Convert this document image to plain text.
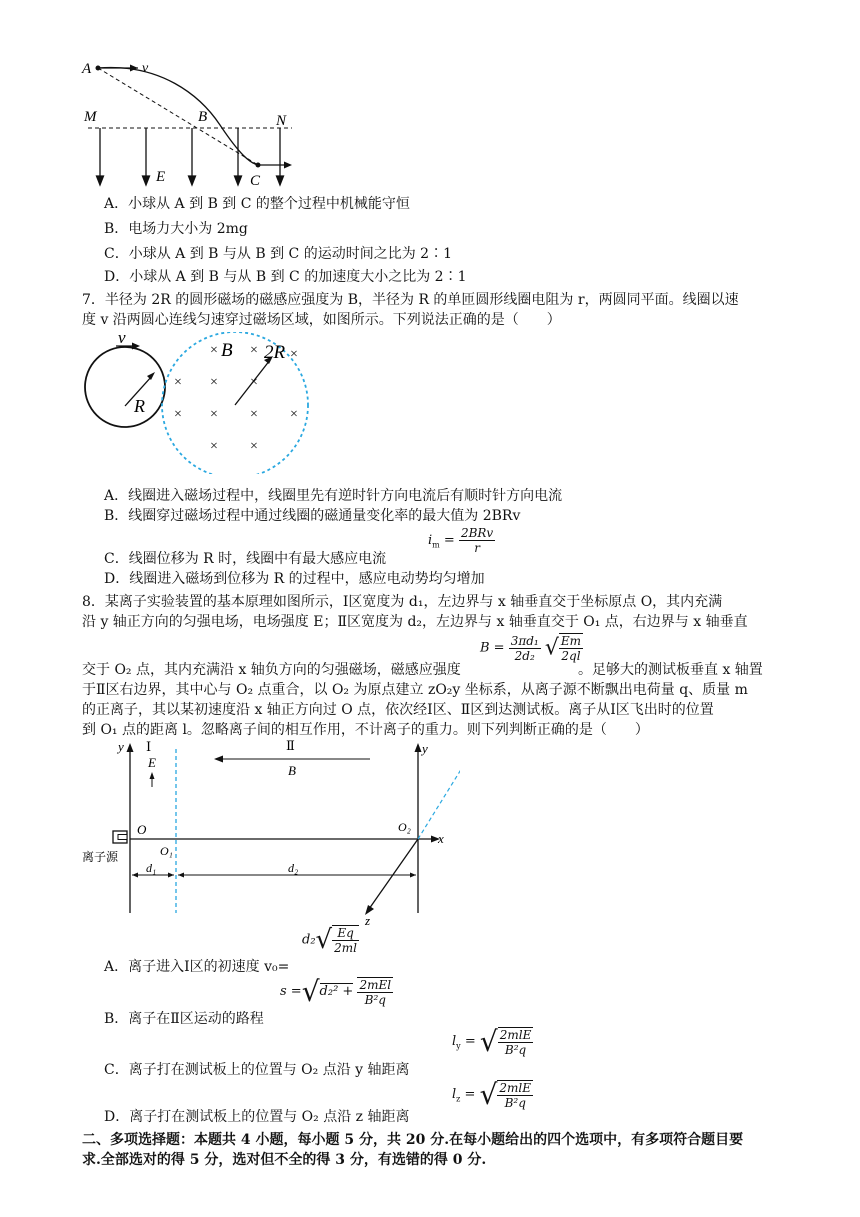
A	v
M	B	N
E	C
A．小球从 A 到 B 到 C 的整个过程中机械能守恒
B．电场力大小为 2mg
C．小球从 A 到 B 与从 B 到 C 的运动时间之比为 2∶1
D．小球从 A 到 B 与从 B 到 C 的加速度大小之比为 2∶1
7．半径为 2R 的圆形磁场的磁感应强度为 B，半径为 R 的单匝圆形线圈电阻为 r，两圆同平面。线圈以速
度 v 沿两圆心连线匀速穿过磁场区域，如图所示。下列说法正确的是（　　）
v
R
B 2R
× ×
× × ×
×
× × × ×
× ×
A．线圈进入磁场过程中，线圈里先有逆时针方向电流后有顺时针方向电流
B．线圈穿过磁场过程中通过线圈的磁通量变化率的最大值为 2BRv
C．线圈位移为 R 时，线圈中有最大感应电流
$i_m = \frac{\text{2BRv}}{r}$
D．线圈进入磁场到位移为 R 的过程中，感应电动势均匀增加
8．某离子实验装置的基本原理如图所示，Ⅰ区宽度为 d₁，左边界与 x 轴垂直交于坐标原点 O，其内充满
沿 y 轴正方向的匀强电场，电场强度 E；Ⅱ区宽度为 d₂，左边界与 x 轴垂直交于 O₁ 点，右边界与 x 轴垂直
交于 O₂ 点，其内充满沿 x 轴负方向的匀强磁场，磁感应强度
$B = \frac{\text{3πd₁}}{\text{2d₂}}$ √ $\frac{Em}{2ql}$
。足够大的测试板垂直 x 轴置
于Ⅱ区右边界，其中心与 O₂ 点重合，以 O₂ 为原点建立 zO₂y 坐标系，从离子源不断飘出电荷量 q、质量 m
的正离子，其以某初速度沿 x 轴正方向过 O 点，依次经Ⅰ区、Ⅱ区到达测试板。离子从Ⅰ区飞出时的位置
到 O₁ 点的距离 l。忽略离子间的相互作用，不计离子的重力。则下列判断正确的是（　　）
y Ⅰ
E
Ⅱ
B
x
O
O₁
y
O₂
z
离子源
d₁	d₂
A．离子进入Ⅰ区的初速度 v₀=
$d_2√ \frac{Eq}{2ml}$
B．离子在Ⅱ区运动的路程
$s =√d_2^2 + \frac{\text{2mEl}}{\text{B²q}}$
C．离子打在测试板上的位置与 O₂ 点沿 y 轴距离
$l_y$ = √ $\frac{\text{2mlE}}{\text{B²q}}$
D．离子打在测试板上的位置与 O₂ 点沿 z 轴距离
$l_z$ = √ $\frac{\text{2mlE}}{\text{B²q}}$
二、多项选择题：本题共 4 小题，每小题 5 分，共 20 分.在每小题给出的四个选项中，有多项符合题目要
求.全部选对的得 5 分，选对但不全的得 3 分，有选错的得 0 分.
